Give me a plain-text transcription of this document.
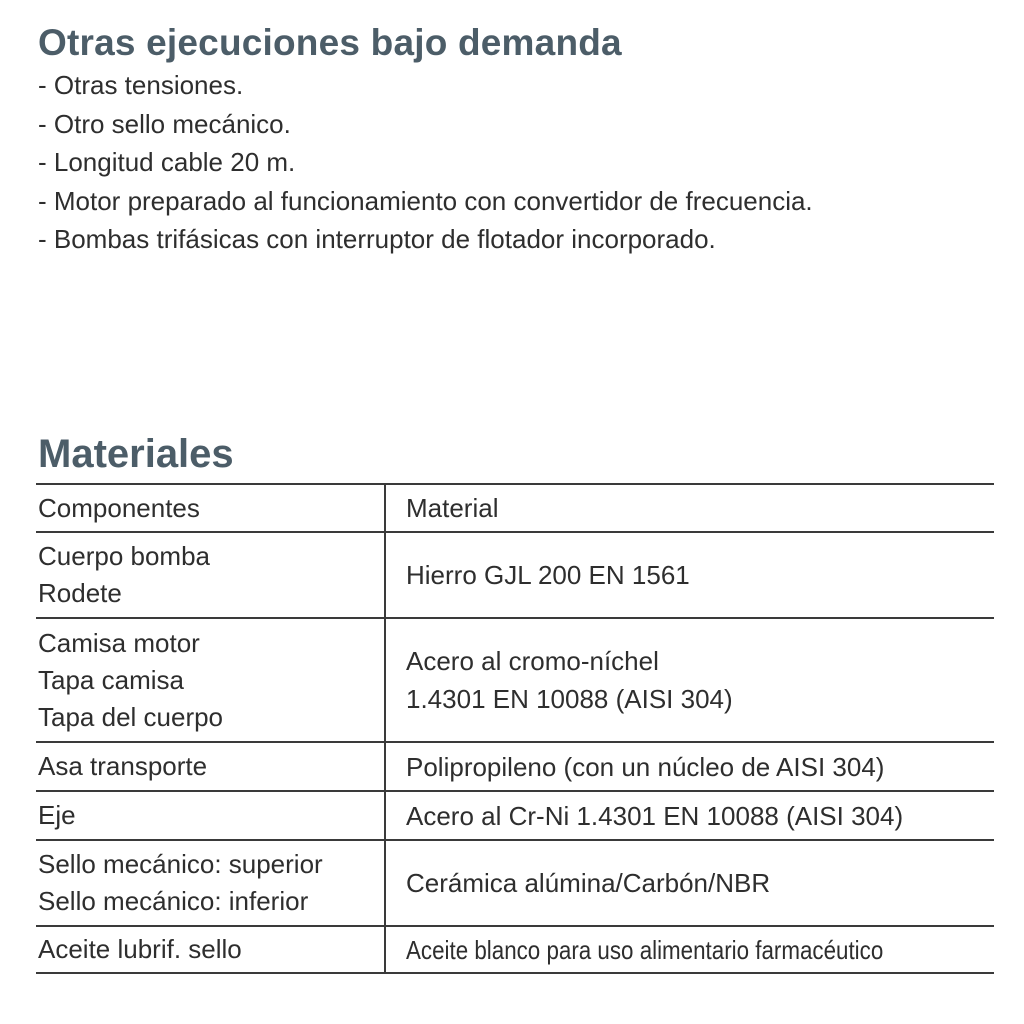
Otras ejecuciones bajo demanda
- Otras tensiones.
- Otro sello mecánico.
- Longitud cable 20 m.
- Motor preparado al funcionamiento con convertidor de frecuencia.
- Bombas trifásicas con interruptor de flotador incorporado.
Materiales
Componentes	Material

Cuerpo bomba
Rodete	Hierro GJL 200 EN 1561

Camisa motor
Tapa camisa
Tapa del cuerpo	Acero al cromo-níchel
1.4301 EN 10088 (AISI 304)

Asa transporte	Polipropileno (con un núcleo de AISI 304)

Eje	Acero al Cr-Ni 1.4301 EN 10088 (AISI 304)

Sello mecánico: superior
Sello mecánico: inferior	Cerámica alúmina/Carbón/NBR

Aceite lubrif. sello	Aceite blanco para uso alimentario farmacéutico
